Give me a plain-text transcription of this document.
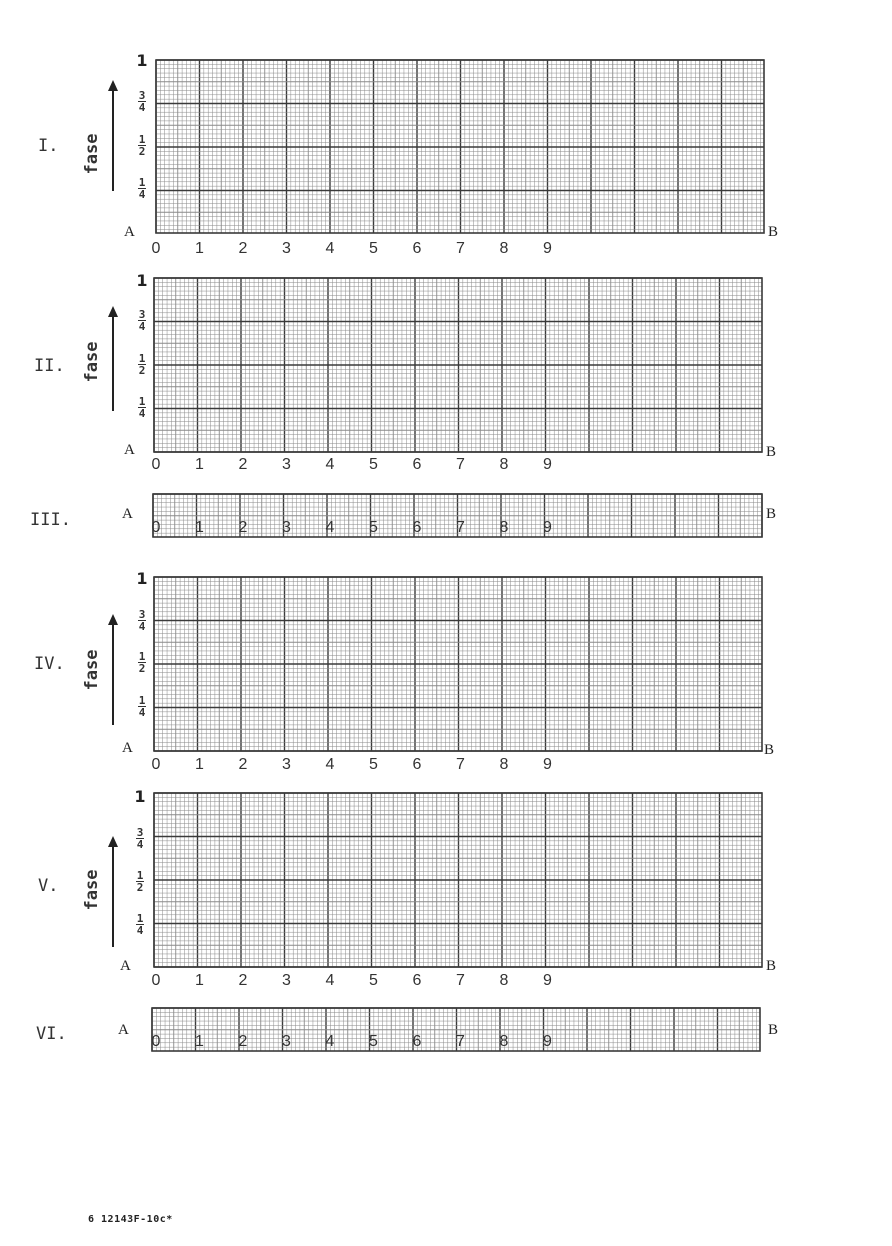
I. fase
1
3
4
1
2
1
4
A	B
II. fase
1
3
4
1
2
1
4
A	B
III.	A	B
IV. fase
1
3
4
1
2
1
4
A	B
V. fase
1
3
4
1
2
1
4
A	B
VI.	A	B
6 12143F-10c*
0 1 2 3 4 5 6 7 8 9
0 1 2 3 4 5 6 7 8 9
0 1 2 3 4 5 6 7 8 9
0 1 2 3 4 5 6 7 8 9
0 1 2 3 4 5 6 7 8 9
0 1 2 3 4 5 6 7 8 9
